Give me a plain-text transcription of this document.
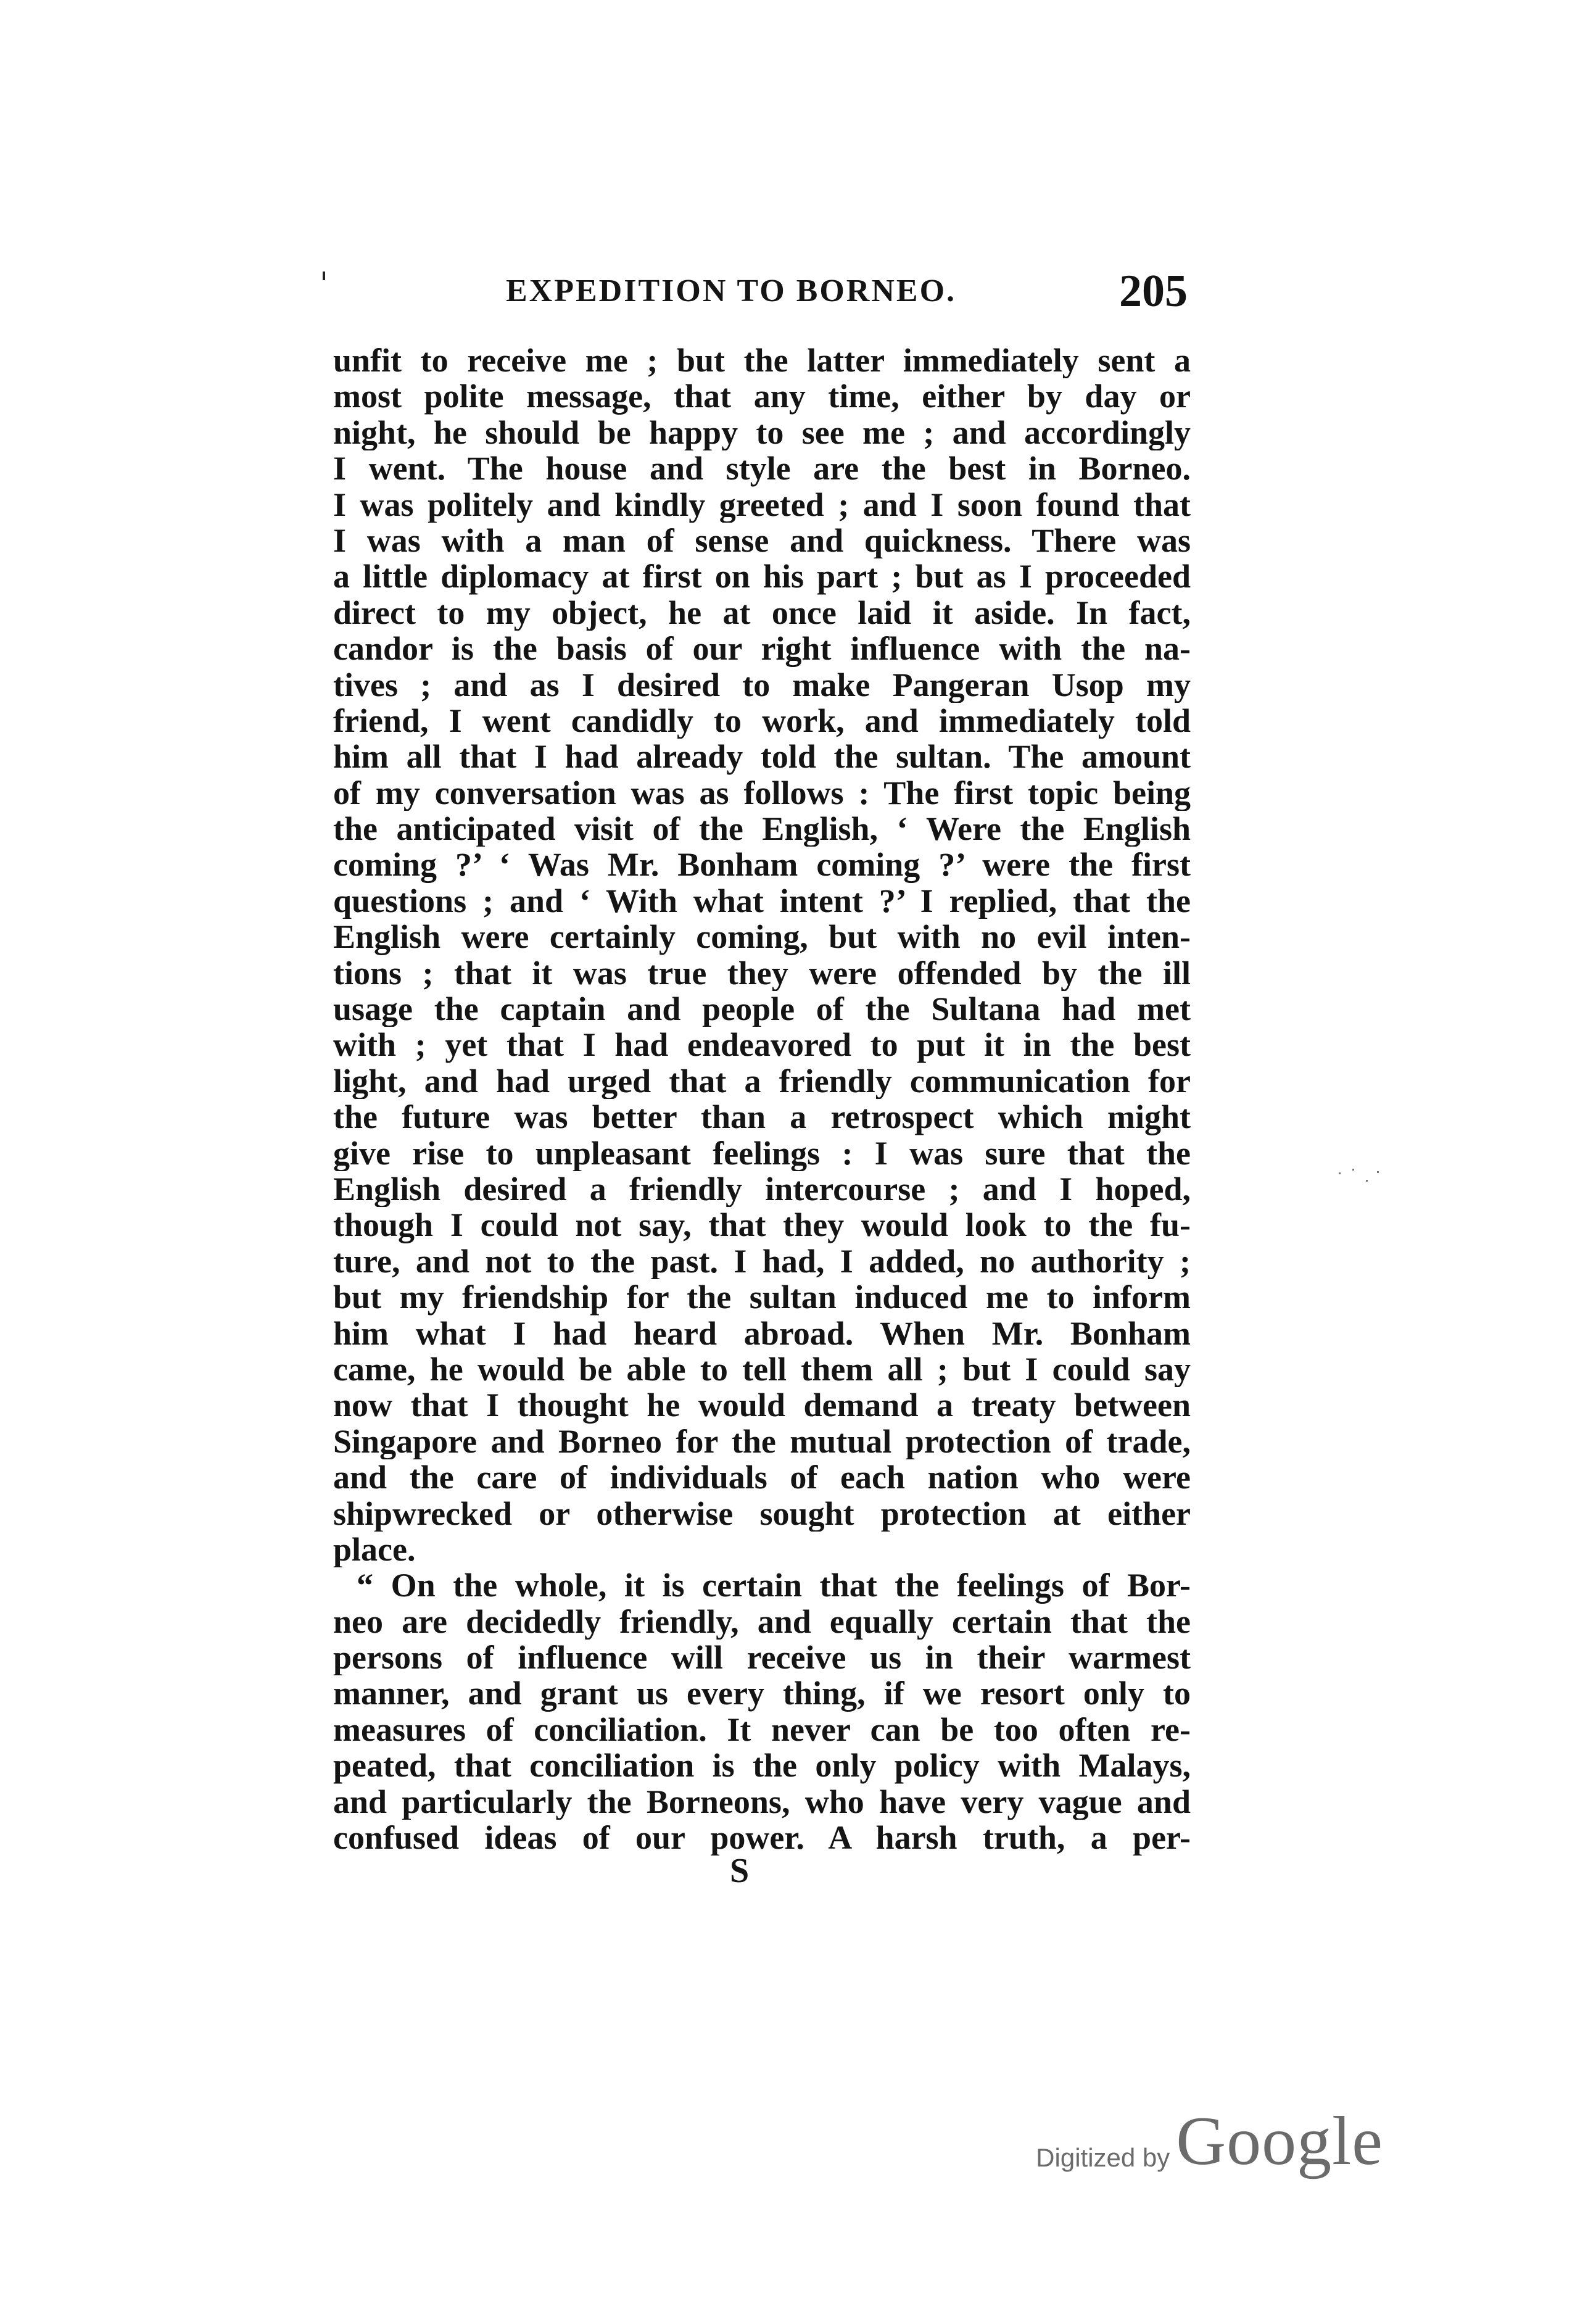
EXPEDITION TO BORNEO.	205
unfit to receive me ; but the latter immediately sent a
most polite message, that any time, either by day or
night, he should be happy to see me ; and accordingly
I went. The house and style are the best in Borneo.
I was politely and kindly greeted ; and I soon found that
I was with a man of sense and quickness. There was
a little diplomacy at first on his part ; but as I proceeded
direct to my object, he at once laid it aside. In fact,
candor is the basis of our right influence with the na-
tives ; and as I desired to make Pangeran Usop my
friend, I went candidly to work, and immediately told
him all that I had already told the sultan. The amount
of my conversation was as follows : The first topic being
the anticipated visit of the English, ‘ Were the English
coming ?’ ‘ Was Mr. Bonham coming ?’ were the first
questions ; and ‘ With what intent ?’ I replied, that the
English were certainly coming, but with no evil inten-
tions ; that it was true they were offended by the ill
usage the captain and people of the Sultana had met
with ; yet that I had endeavored to put it in the best
light, and had urged that a friendly communication for
the future was better than a retrospect which might
give rise to unpleasant feelings : I was sure that the
English desired a friendly intercourse ; and I hoped,
though I could not say, that they would look to the fu-
ture, and not to the past. I had, I added, no authority ;
but my friendship for the sultan induced me to inform
him what I had heard abroad. When Mr. Bonham
came, he would be able to tell them all ; but I could say
now that I thought he would demand a treaty between
Singapore and Borneo for the mutual protection of trade,
and the care of individuals of each nation who were
shipwrecked or otherwise sought protection at either
place.
“ On the whole, it is certain that the feelings of Bor-
neo are decidedly friendly, and equally certain that the
persons of influence will receive us in their warmest
manner, and grant us every thing, if we resort only to
measures of conciliation. It never can be too often re-
peated, that conciliation is the only policy with Malays,
and particularly the Borneons, who have very vague and
confused ideas of our power. A harsh truth, a per-
S
Digitized by Google
